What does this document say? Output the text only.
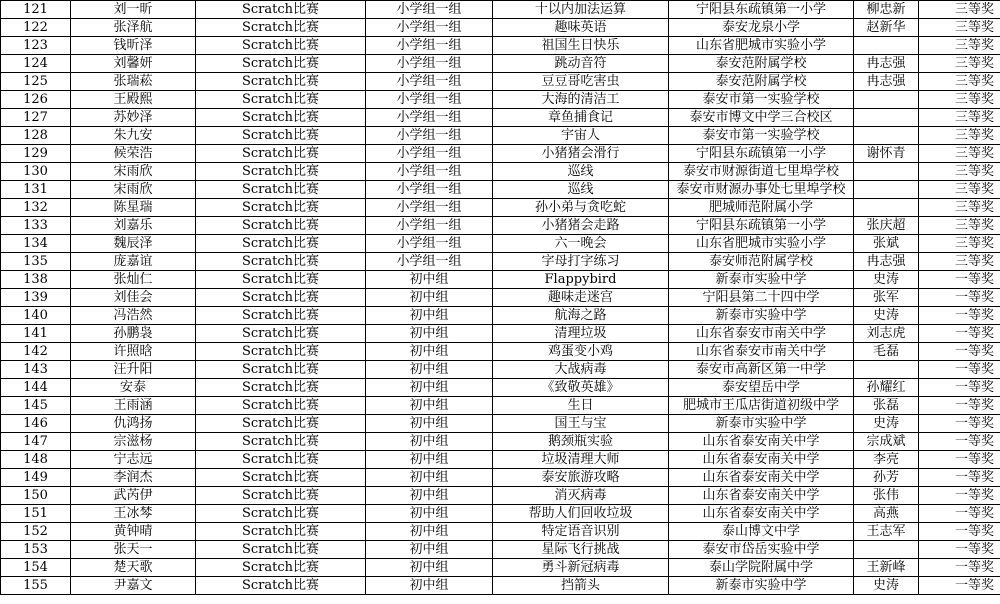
121	刘一昕	Scratch比赛	小学组一组	十以内加法运算	宁阳县东疏镇第一小学	柳忠新	三等奖
122	张泽航	Scratch比赛	小学组一组	趣味英语	泰安龙泉小学	赵新华	三等奖
123	钱昕泽	Scratch比赛	小学组一组	祖国生日快乐	山东省肥城市实验小学		三等奖
124	刘馨妍	Scratch比赛	小学组一组	跳动音符	泰安范附属学校	冉志强	三等奖
125	张瑞菘	Scratch比赛	小学组一组	豆豆哥吃害虫	泰安范附属学校	冉志强	三等奖
126	王殿熙	Scratch比赛	小学组一组	大海的清洁工	泰安市第一实验学校		三等奖
127	苏妙泽	Scratch比赛	小学组一组	章鱼捕食记	泰安市博文中学三合校区		三等奖
128	朱九安	Scratch比赛	小学组一组	宇宙人	泰安市第一实验学校		三等奖
129	候荣浩	Scratch比赛	小学组一组	小猪猪会滑行	宁阳县东疏镇第一小学	谢怀青	三等奖
130	宋雨欣	Scratch比赛	小学组一组	巡线	泰安市财源街道七里埠学校		三等奖
131	宋雨欣	Scratch比赛	小学组一组	巡线	泰安市财源办事处七里埠学校		三等奖
132	陈星瑞	Scratch比赛	小学组一组	孙小弟与贪吃蛇	肥城师范附属小学		三等奖
133	刘嘉乐	Scratch比赛	小学组一组	小猪猪会走路	宁阳县东疏镇第一小学	张庆超	三等奖
134	魏辰泽	Scratch比赛	小学组一组	六一晚会	山东省肥城市实验小学	张斌	三等奖
135	庞嘉谊	Scratch比赛	小学组一组	字母打字练习	泰安师范附属学校	冉志强	三等奖
138	张灿仁	Scratch比赛	初中组	Flappybird	新泰市实验中学	史涛	一等奖
139	刘佳会	Scratch比赛	初中组	趣味走迷宫	宁阳县第二十四中学	张军	一等奖
140	冯浩然	Scratch比赛	初中组	航海之路	新泰市实验中学	史涛	一等奖
141	孙鹏袅	Scratch比赛	初中组	清理垃圾	山东省泰安市南关中学	刘志虎	一等奖
142	许照晗	Scratch比赛	初中组	鸡蛋变小鸡	山东省泰安市南关中学	毛磊	一等奖
143	汪升阳	Scratch比赛	初中组	大战病毒	泰安市高新区第一中学		一等奖
144	安泰	Scratch比赛	初中组	《致敬英雄》	泰安望岳中学	孙耀红	一等奖
145	王雨涵	Scratch比赛	初中组	生日	肥城市王瓜店街道初级中学	张磊	一等奖
146	仇鸿扬	Scratch比赛	初中组	国王与宝	新泰市实验中学	史涛	一等奖
147	宗滋杨	Scratch比赛	初中组	鹅颈瓶实验	山东省泰安南关中学	宗成斌	一等奖
148	宁志远	Scratch比赛	初中组	垃圾清理大师	山东省泰安南关中学	李亮	一等奖
149	李润杰	Scratch比赛	初中组	泰安旅游攻略	山东省泰安南关中学	孙芳	一等奖
150	武芮伊	Scratch比赛	初中组	消灭病毒	山东省泰安南关中学	张伟	一等奖
151	王冰棽	Scratch比赛	初中组	帮助人们回收垃圾	山东省泰安南关中学	高燕	一等奖
152	黄钟晴	Scratch比赛	初中组	特定语音识别	泰山博文中学	王志军	一等奖
153	张天一	Scratch比赛	初中组	星际飞行挑战	泰安市岱岳实验中学		一等奖
154	楚天歌	Scratch比赛	初中组	勇斗新冠病毒	泰山学院附属中学	王新峰	一等奖
155	尹嘉文	Scratch比赛	初中组	挡箭头	新泰市实验中学	史涛	一等奖
